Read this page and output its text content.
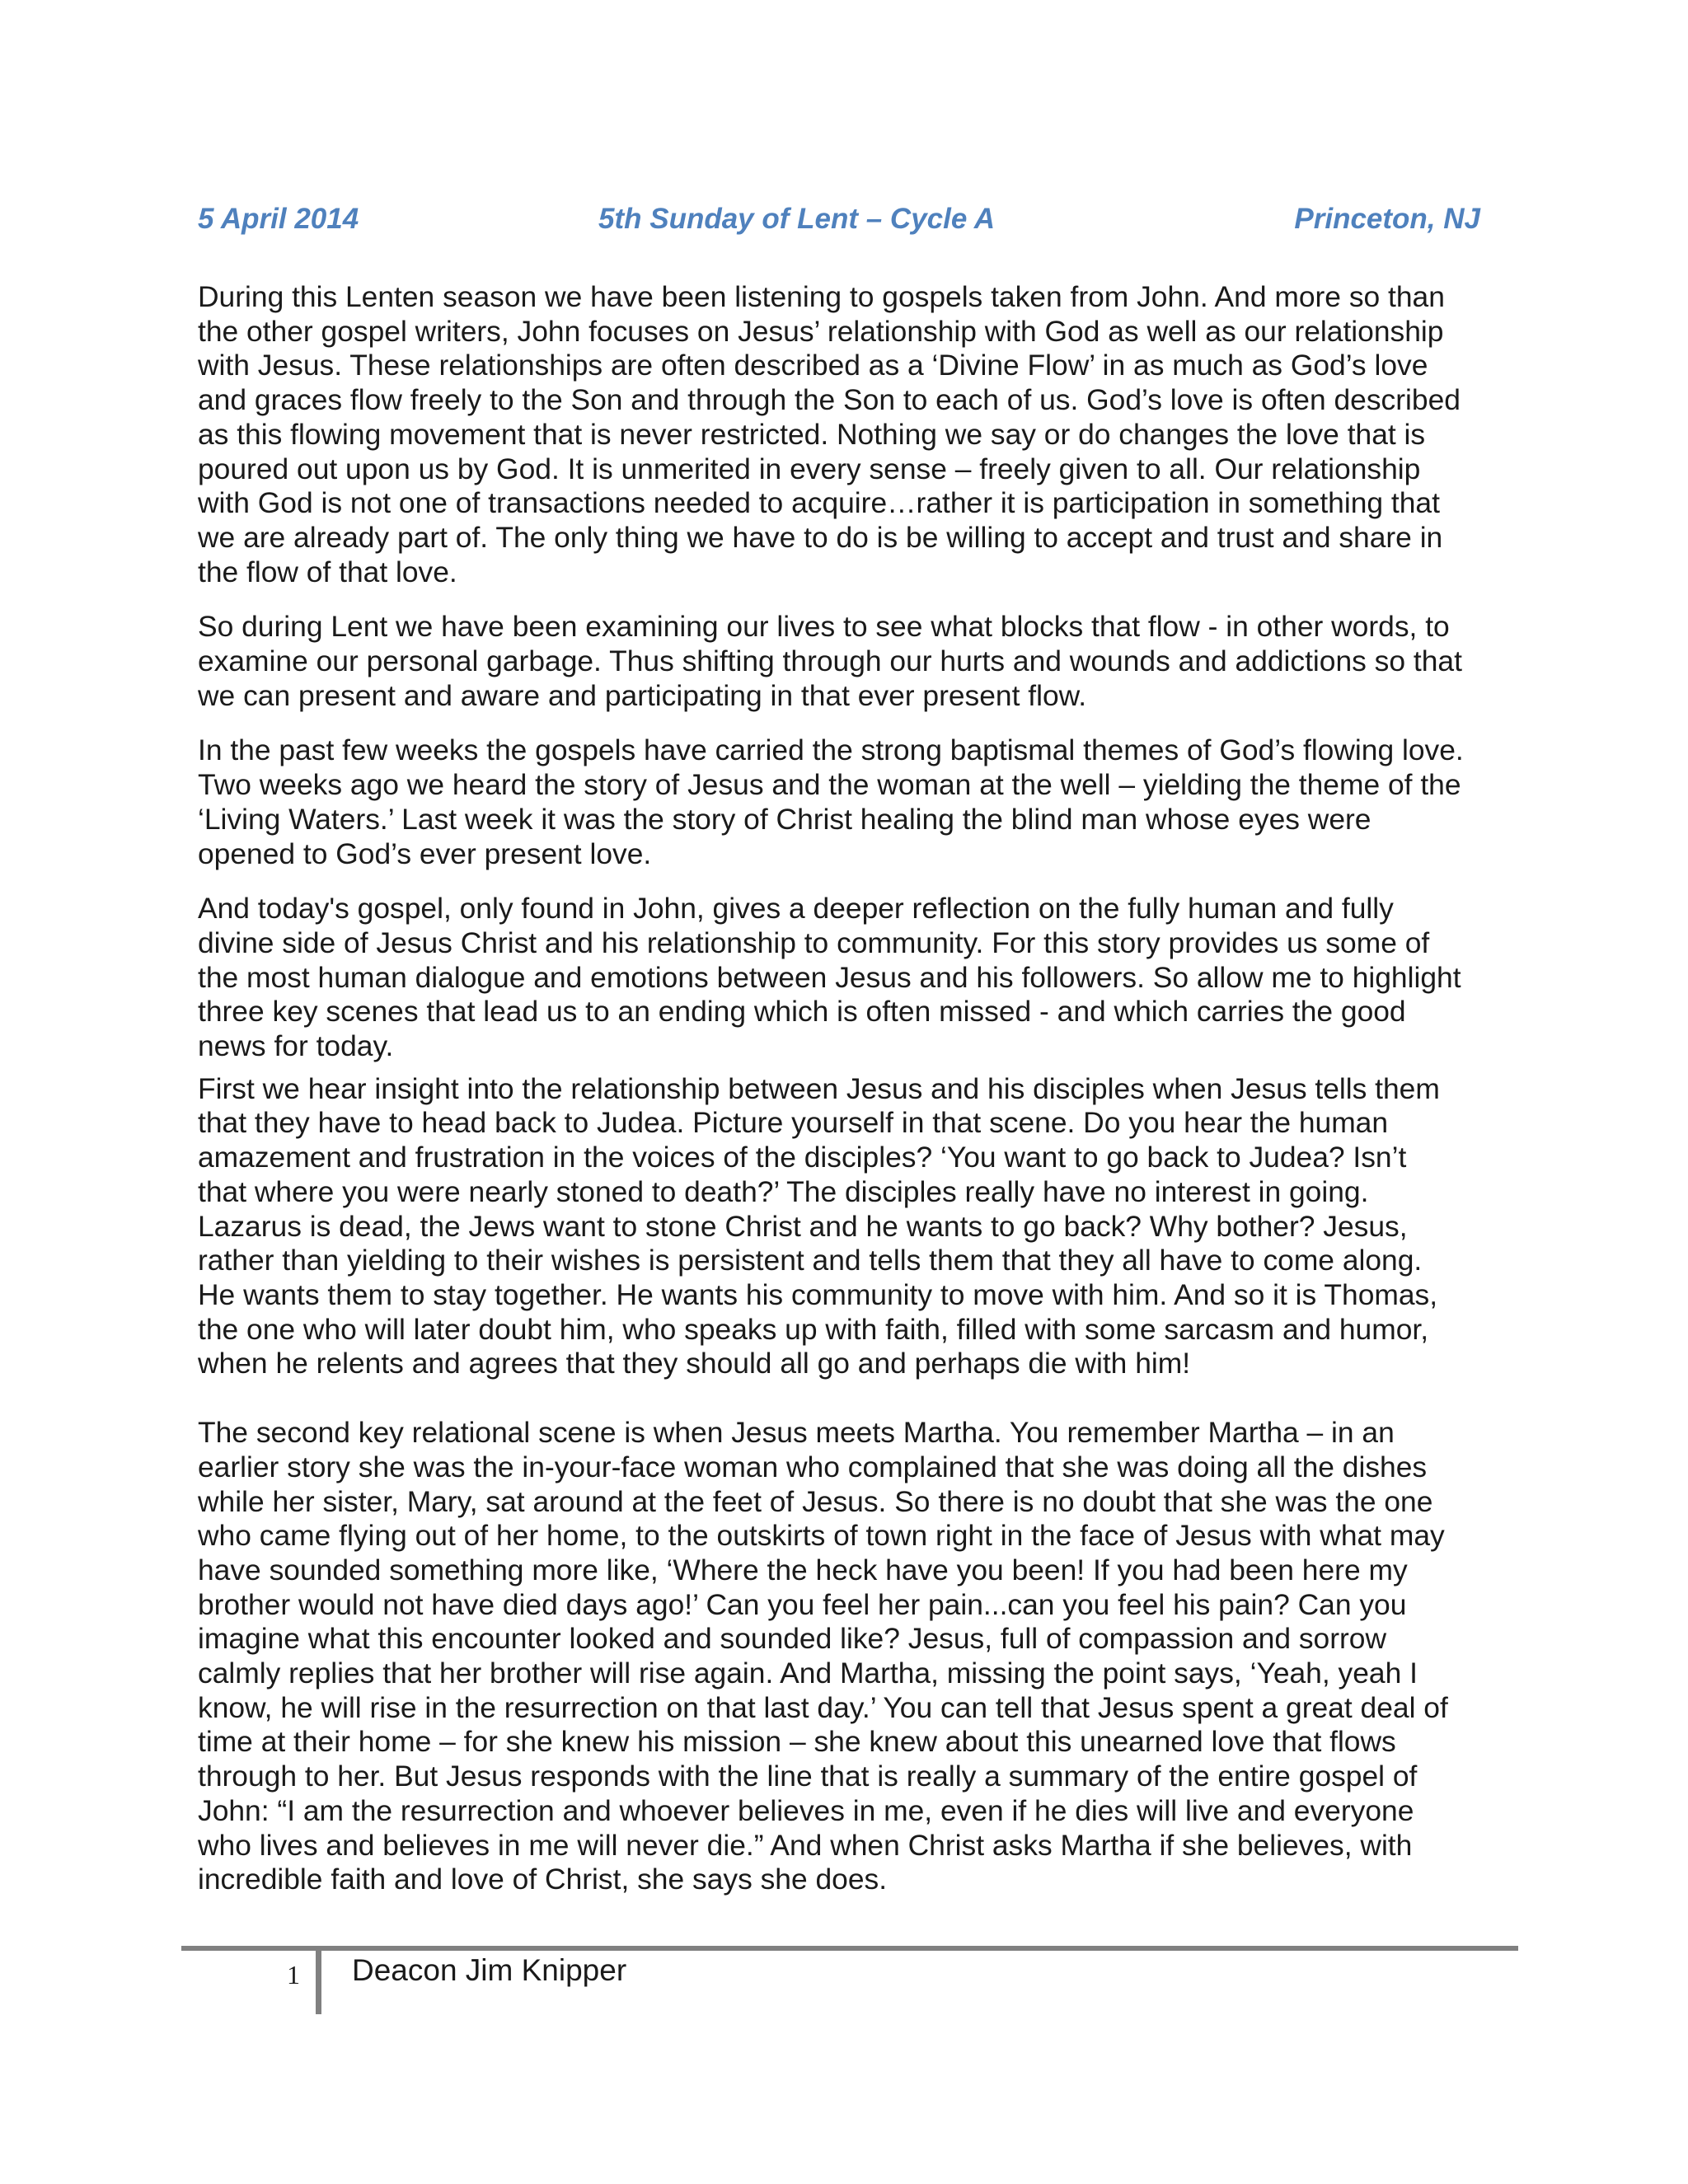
5 April 2014	5th Sunday of Lent – Cycle A	Princeton, NJ

During this Lenten season we have been listening to gospels taken from John. And more so than

the other gospel writers, John focuses on Jesus’ relationship with God as well as our relationship

with Jesus. These relationships are often described as a ‘Divine Flow’ in as much as God’s love

and graces flow freely to the Son and through the Son to each of us. God’s love is often described

as this flowing movement that is never restricted. Nothing we say or do changes the love that is

poured out upon us by God. It is unmerited in every sense – freely given to all. Our relationship

with God is not one of transactions needed to acquire…rather it is participation in something that

we are already part of. The only thing we have to do is be willing to accept and trust and share in

the flow of that love.

So during Lent we have been examining our lives to see what blocks that flow - in other words, to

examine our personal garbage. Thus shifting through our hurts and wounds and addictions so that

we can present and aware and participating in that ever present flow.

In the past few weeks the gospels have carried the strong baptismal themes of God’s flowing love.

Two weeks ago we heard the story of Jesus and the woman at the well – yielding the theme of the

‘Living Waters.’ Last week it was the story of Christ healing the blind man whose eyes were

opened to God’s ever present love.

And today's gospel, only found in John, gives a deeper reflection on the fully human and fully

divine side of Jesus Christ and his relationship to community. For this story provides us some of

the most human dialogue and emotions between Jesus and his followers. So allow me to highlight

three key scenes that lead us to an ending which is often missed - and which carries the good

news for today.

First we hear insight into the relationship between Jesus and his disciples when Jesus tells them

that they have to head back to Judea. Picture yourself in that scene. Do you hear the human

amazement and frustration in the voices of the disciples? ‘You want to go back to Judea? Isn’t

that where you were nearly stoned to death?’ The disciples really have no interest in going.

Lazarus is dead, the Jews want to stone Christ and he wants to go back? Why bother? Jesus,

rather than yielding to their wishes is persistent and tells them that they all have to come along.

He wants them to stay together. He wants his community to move with him. And so it is Thomas,

the one who will later doubt him, who speaks up with faith, filled with some sarcasm and humor,

when he relents and agrees that they should all go and perhaps die with him!

The second key relational scene is when Jesus meets Martha. You remember Martha – in an

earlier story she was the in-your-face woman who complained that she was doing all the dishes

while her sister, Mary, sat around at the feet of Jesus. So there is no doubt that she was the one

who came flying out of her home, to the outskirts of town right in the face of Jesus with what may

have sounded something more like, ‘Where the heck have you been! If you had been here my

brother would not have died days ago!’ Can you feel her pain...can you feel his pain? Can you

imagine what this encounter looked and sounded like? Jesus, full of compassion and sorrow

calmly replies that her brother will rise again. And Martha, missing the point says, ‘Yeah, yeah I

know, he will rise in the resurrection on that last day.’ You can tell that Jesus spent a great deal of

time at their home – for she knew his mission – she knew about this unearned love that flows

through to her. But Jesus responds with the line that is really a summary of the entire gospel of

John: “I am the resurrection and whoever believes in me, even if he dies will live and everyone

who lives and believes in me will never die.” And when Christ asks Martha if she believes, with

incredible faith and love of Christ, she says she does.

1 Deacon Jim Knipper
